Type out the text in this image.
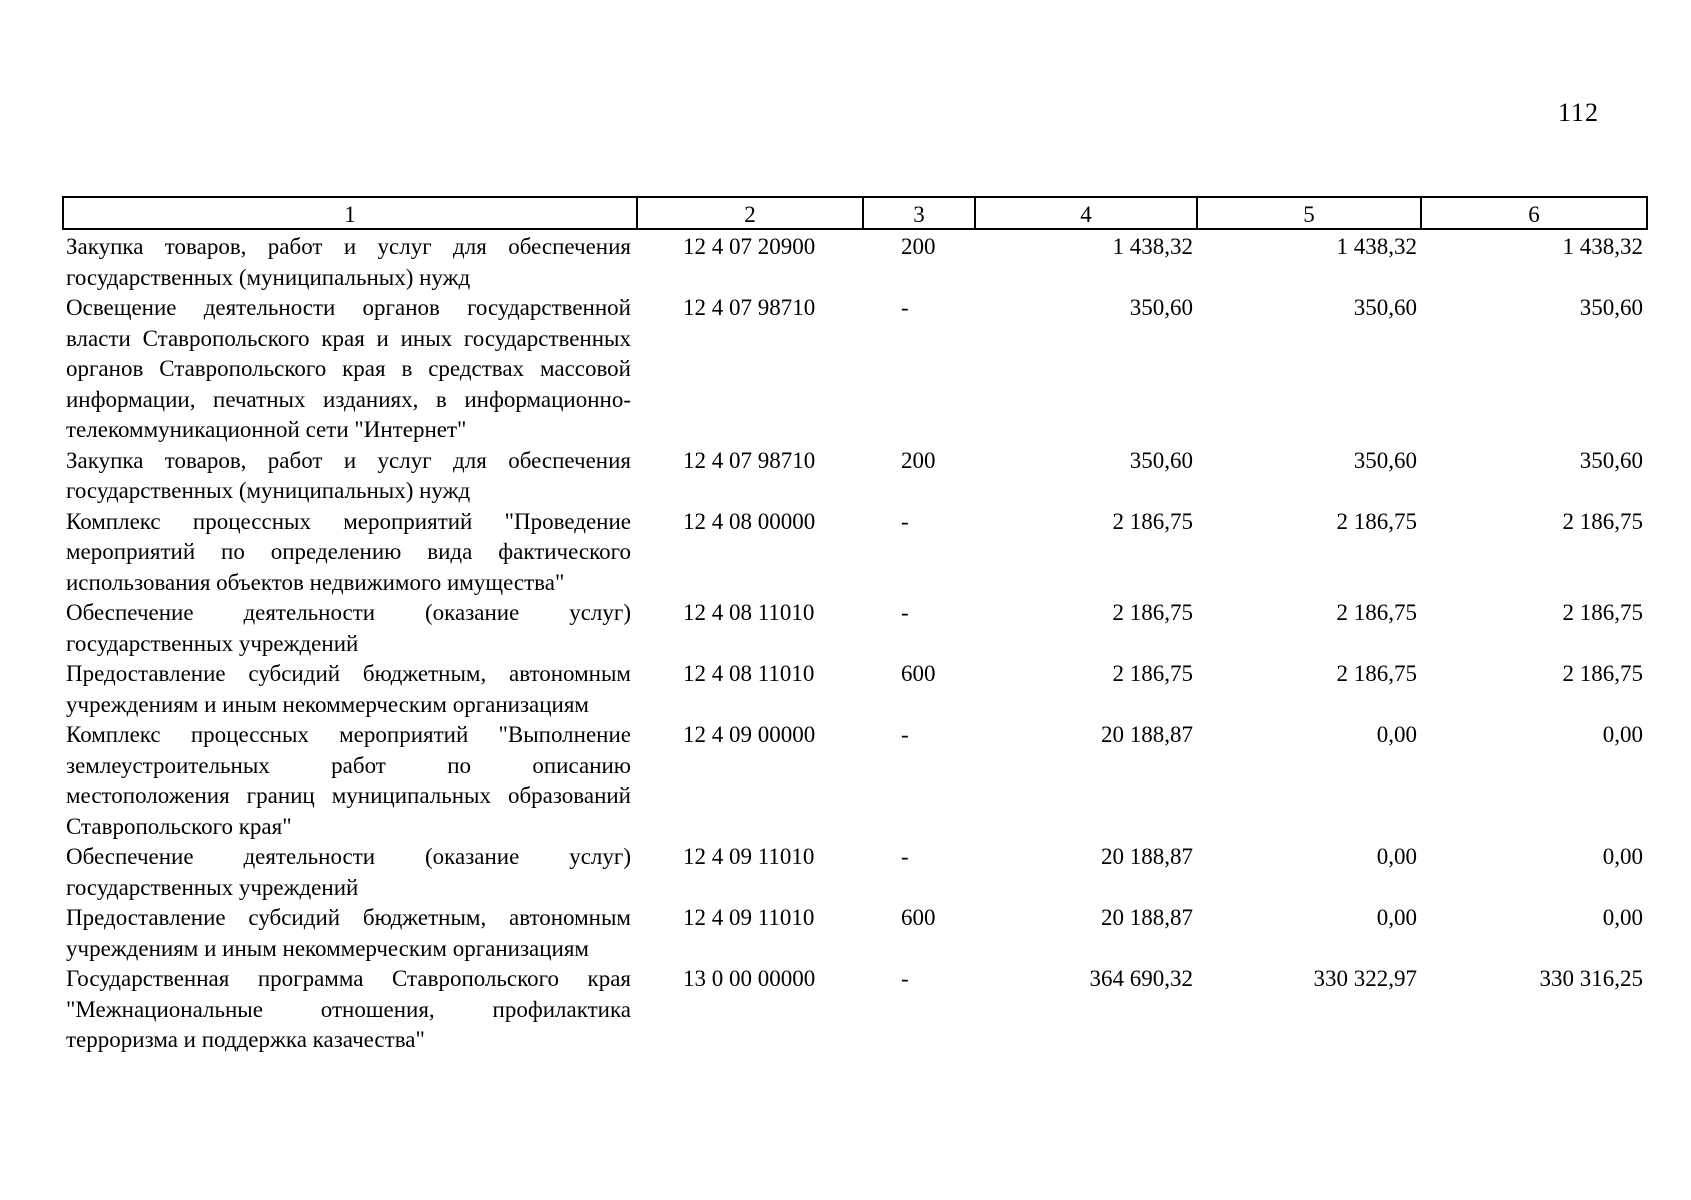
112
1	2	3	4	5	6
Закупка товаров, работ и услуг для обеспечения государственных (муниципальных) нужд	12 4 07 20900	200	1 438,32	1 438,32	1 438,32
Освещение деятельности органов государственной власти Ставропольского края и иных государственных органов Ставропольского края в средствах массовой информации, печатных изданиях, в информационно-телекоммуникационной сети "Интернет"	12 4 07 98710	-	350,60	350,60	350,60
Закупка товаров, работ и услуг для обеспечения государственных (муниципальных) нужд	12 4 07 98710	200	350,60	350,60	350,60
Комплекс процессных мероприятий "Проведение мероприятий по определению вида фактического использования объектов недвижимого имущества"	12 4 08 00000	-	2 186,75	2 186,75	2 186,75
Обеспечение деятельности (оказание услуг) государственных учреждений	12 4 08 11010	-	2 186,75	2 186,75	2 186,75
Предоставление субсидий бюджетным, автономным учреждениям и иным некоммерческим организациям	12 4 08 11010	600	2 186,75	2 186,75	2 186,75
Комплекс процессных мероприятий "Выполнение землеустроительных работ по описанию местоположения границ муниципальных образований Ставропольского края"	12 4 09 00000	-	20 188,87	0,00	0,00
Обеспечение деятельности (оказание услуг) государственных учреждений	12 4 09 11010	-	20 188,87	0,00	0,00
Предоставление субсидий бюджетным, автономным учреждениям и иным некоммерческим организациям	12 4 09 11010	600	20 188,87	0,00	0,00
Государственная программа Ставропольского края "Межнациональные отношения, профилактика терроризма и поддержка казачества"	13 0 00 00000	-	364 690,32	330 322,97	330 316,25
